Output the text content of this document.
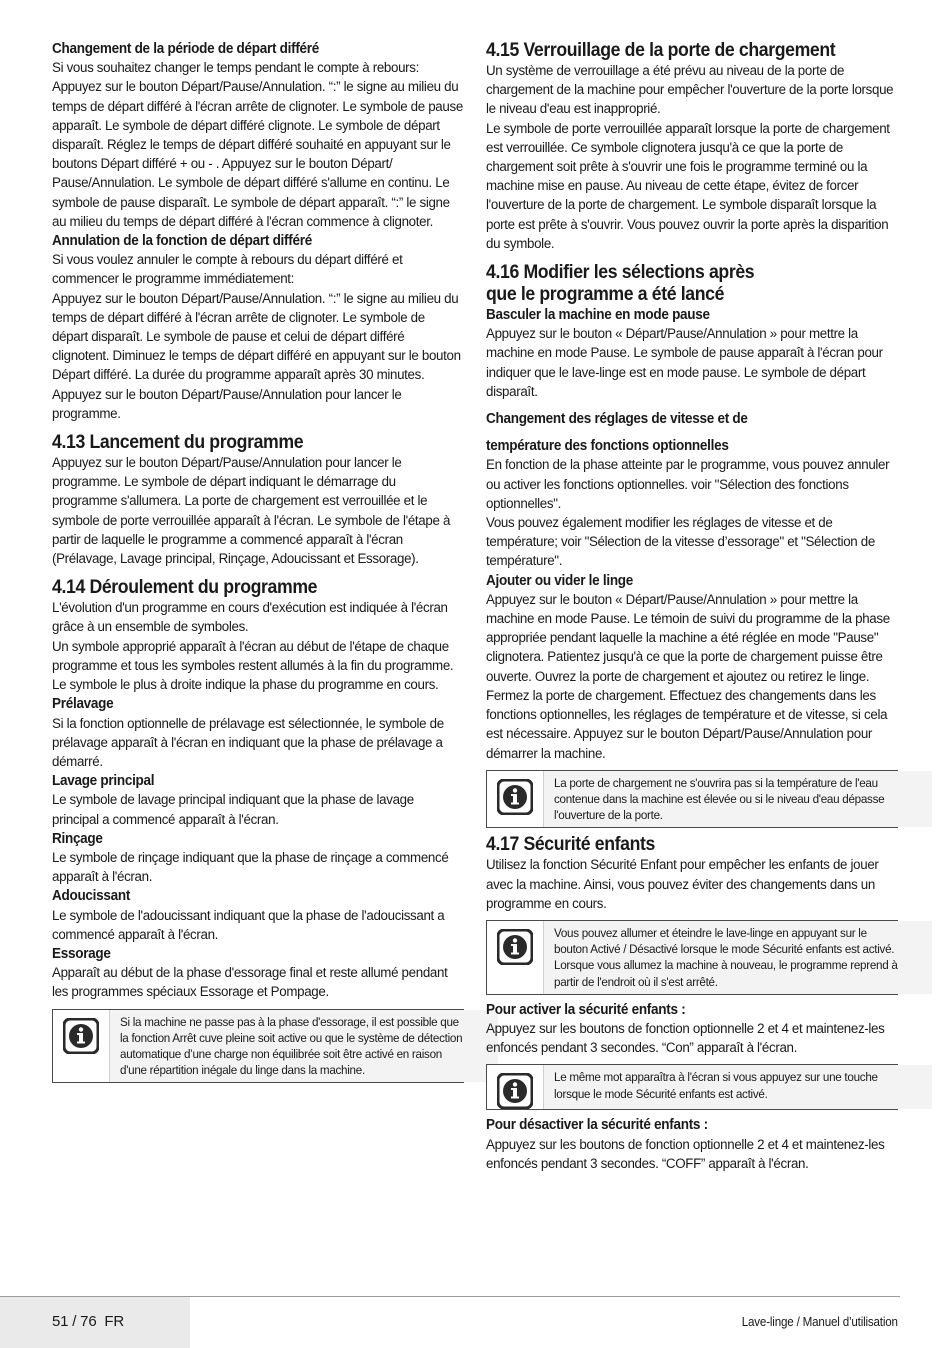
Changement de la période de départ différé
Si vous souhaitez changer le temps pendant le compte à rebours:
Appuyez sur le bouton Départ/Pause/Annulation. “:” le signe au milieu du temps de départ différé à l'écran arrête de clignoter. Le symbole de pause apparaît. Le symbole de départ différé clignote. Le symbole de départ disparaît. Réglez le temps de départ différé souhaité en appuyant sur le boutons Départ différé + ou - . Appuyez sur le bouton Départ/ Pause/Annulation. Le symbole de départ différé s'allume en continu. Le symbole de pause disparaît. Le symbole de départ apparaît. “:” le signe au milieu du temps de départ différé à l'écran commence à clignoter.
Annulation de la fonction de départ différé
Si vous voulez annuler le compte à rebours du départ différé et commencer le programme immédiatement:
Appuyez sur le bouton Départ/Pause/Annulation. “:” le signe au milieu du temps de départ différé à l'écran arrête de clignoter. Le symbole de départ disparaît. Le symbole de pause et celui de départ différé clignotent. Diminuez le temps de départ différé en appuyant sur le bouton Départ différé. La durée du programme apparaît après 30 minutes.
Appuyez sur le bouton Départ/Pause/Annulation pour lancer le programme.
4.13 Lancement du programme
Appuyez sur le bouton Départ/Pause/Annulation pour lancer le programme. Le symbole de départ indiquant le démarrage du programme s'allumera. La porte de chargement est verrouillée et le symbole de porte verrouillée apparaît à l'écran. Le symbole de l'étape à partir de laquelle le programme a commencé apparaît à l'écran (Prélavage, Lavage principal, Rinçage, Adoucissant et Essorage).
4.14 Déroulement du programme
L'évolution d'un programme en cours d'exécution est indiquée à l'écran grâce à un ensemble de symboles.
Un symbole approprié apparaît à l'écran au début de l'étape de chaque programme et tous les symboles restent allumés à la fin du programme. Le symbole le plus à droite indique la phase du programme en cours.
Prélavage
Si la fonction optionnelle de prélavage est sélectionnée, le symbole de prélavage apparaît à l'écran en indiquant que la phase de prélavage a démarré.
Lavage principal
Le symbole de lavage principal indiquant que la phase de lavage principal a commencé apparaît à l'écran.
Rinçage
Le symbole de rinçage indiquant que la phase de rinçage a commencé apparaît à l'écran.
Adoucissant
Le symbole de l'adoucissant indiquant que la phase de l'adoucissant a commencé apparaît à l'écran.
Essorage
Apparaît au début de la phase d'essorage final et reste allumé pendant les programmes spéciaux Essorage et Pompage.
Si la machine ne passe pas à la phase d'essorage, il est possible que la fonction Arrêt cuve pleine soit active ou que le système de détection automatique d’une charge non équilibrée soit être activé en raison d'une répartition inégale du linge dans la machine.
4.15 Verrouillage de la porte de chargement
Un système de verrouillage a été prévu au niveau de la porte de chargement de la machine pour empêcher l'ouverture de la porte lorsque le niveau d'eau est inapproprié.
Le symbole de porte verrouillée apparaît lorsque la porte de chargement est verrouillée. Ce symbole clignotera jusqu'à ce que la porte de chargement soit prête à s'ouvrir une fois le programme terminé ou la machine mise en pause. Au niveau de cette étape, évitez de forcer l'ouverture de la porte de chargement. Le symbole disparaît lorsque la porte est prête à s'ouvrir. Vous pouvez ouvrir la porte après la disparition du symbole.
4.16 Modifier les sélections après
que le programme a été lancé
Basculer la machine en mode pause
Appuyez sur le bouton « Départ/Pause/Annulation » pour mettre la machine en mode Pause. Le symbole de pause apparaît à l'écran pour indiquer que le lave-linge est en mode pause. Le symbole de départ disparaît.
Changement des réglages de vitesse et de
température des fonctions optionnelles
En fonction de la phase atteinte par le programme, vous pouvez annuler ou activer les fonctions optionnelles. voir "Sélection des fonctions optionnelles".
Vous pouvez également modifier les réglages de vitesse et de température; voir "Sélection de la vitesse d’essorage" et "Sélection de température".
Ajouter ou vider le linge
Appuyez sur le bouton « Départ/Pause/Annulation » pour mettre la machine en mode Pause. Le témoin de suivi du programme de la phase appropriée pendant laquelle la machine a été réglée en mode "Pause" clignotera. Patientez jusqu'à ce que la porte de chargement puisse être ouverte. Ouvrez la porte de chargement et ajoutez ou retirez le linge. Fermez la porte de chargement. Effectuez des changements dans les fonctions optionnelles, les réglages de température et de vitesse, si cela est nécessaire. Appuyez sur le bouton Départ/Pause/Annulation pour démarrer la machine.
La porte de chargement ne s'ouvrira pas si la température de l'eau contenue dans la machine est élevée ou si le niveau d'eau dépasse l'ouverture de la porte.
4.17 Sécurité enfants
Utilisez la fonction Sécurité Enfant pour empêcher les enfants de jouer avec la machine. Ainsi, vous pouvez éviter des changements dans un programme en cours.
Vous pouvez allumer et éteindre le lave-linge en appuyant sur le bouton Activé / Désactivé lorsque le mode Sécurité enfants est activé. Lorsque vous allumez la machine à nouveau, le programme reprend à partir de l'endroit où il s'est arrêté.
Pour activer la sécurité enfants :
Appuyez sur les boutons de fonction optionnelle 2 et 4 et maintenez-les enfoncés pendant 3 secondes. “Con” apparaît à l'écran.
Le même mot apparaîtra à l'écran si vous appuyez sur une touche lorsque le mode Sécurité enfants est activé.
Pour désactiver la sécurité enfants :
Appuyez sur les boutons de fonction optionnelle 2 et 4 et maintenez-les enfoncés pendant 3 secondes. “COFF” apparaît à l'écran.
51 / 76  FR	Lave-linge / Manuel d’utilisation
